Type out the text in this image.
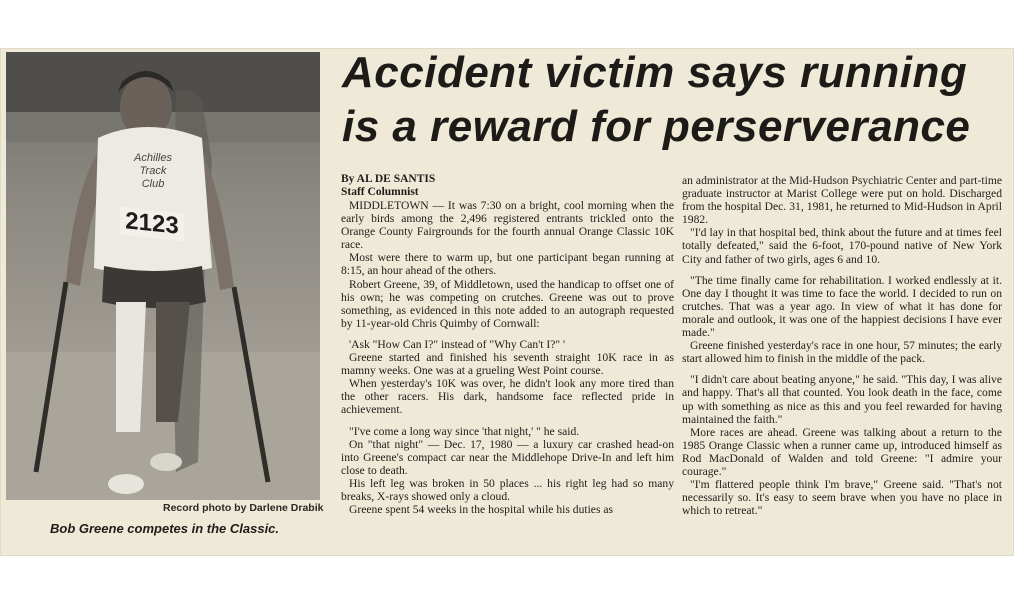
Achilles
Track
Club
2123
Record photo by Darlene Drabik
Bob Greene competes in the Classic.
Accident victim says running
is a reward for perserverance
By AL DE SANTIS
Staff Columnist

MIDDLETOWN — It was 7:30 on a bright, cool morning when the early birds among the 2,496 registered entrants trickled onto the Orange County Fairgrounds for the fourth annual Orange Classic 10K race.

Most were there to warm up, but one participant began running at 8:15, an hour ahead of the others.

Robert Greene, 39, of Middletown, used the handicap to offset one of his own; he was competing on crutches. Greene was out to prove something, as evidenced in this note added to an autograph requested by 11-year-old Chris Quimby of Cornwall:

'Ask "How Can I?" instead of "Why Can't I?" '

Greene started and finished his seventh straight 10K race in as mamny weeks. One was at a grueling West Point course.

When yesterday's 10K was over, he didn't look any more tired than the other racers. His dark, handsome face reflected pride in achievement.

"I've come a long way since 'that night,' " he said.

On "that night" — Dec. 17, 1980 — a luxury car crashed head-on into Greene's compact car near the Middlehope Drive-In and left him close to death.

His left leg was broken in 50 places ... his right leg had so many breaks, X-rays showed only a cloud.

Greene spent 54 weeks in the hospital while his duties as

an administrator at the Mid-Hudson Psychiatric Center and part-time graduate instructor at Marist College were put on hold. Discharged from the hospital Dec. 31, 1981, he returned to Mid-Hudson in April 1982.

"I'd lay in that hospital bed, think about the future and at times feel totally defeated," said the 6-foot, 170-pound native of New York City and father of two girls, ages 6 and 10.

"The time finally came for rehabilitation. I worked endlessly at it. One day I thought it was time to face the world. I decided to run on crutches. That was a year ago. In view of what it has done for morale and outlook, it was one of the happiest decisions I have ever made."

Greene finished yesterday's race in one hour, 57 minutes; the early start allowed him to finish in the middle of the pack.

"I didn't care about beating anyone," he said. "This day, I was alive and happy. That's all that counted. You look death in the face, come up with something as nice as this and you feel rewarded for having maintained the faith."

More races are ahead. Greene was talking about a return to the 1985 Orange Classic when a runner came up, introduced himself as Rod MacDonald of Walden and told Greene: "I admire your courage."

"I'm flattered people think I'm brave," Greene said. "That's not necessarily so. It's easy to seem brave when you have no place in which to retreat."
